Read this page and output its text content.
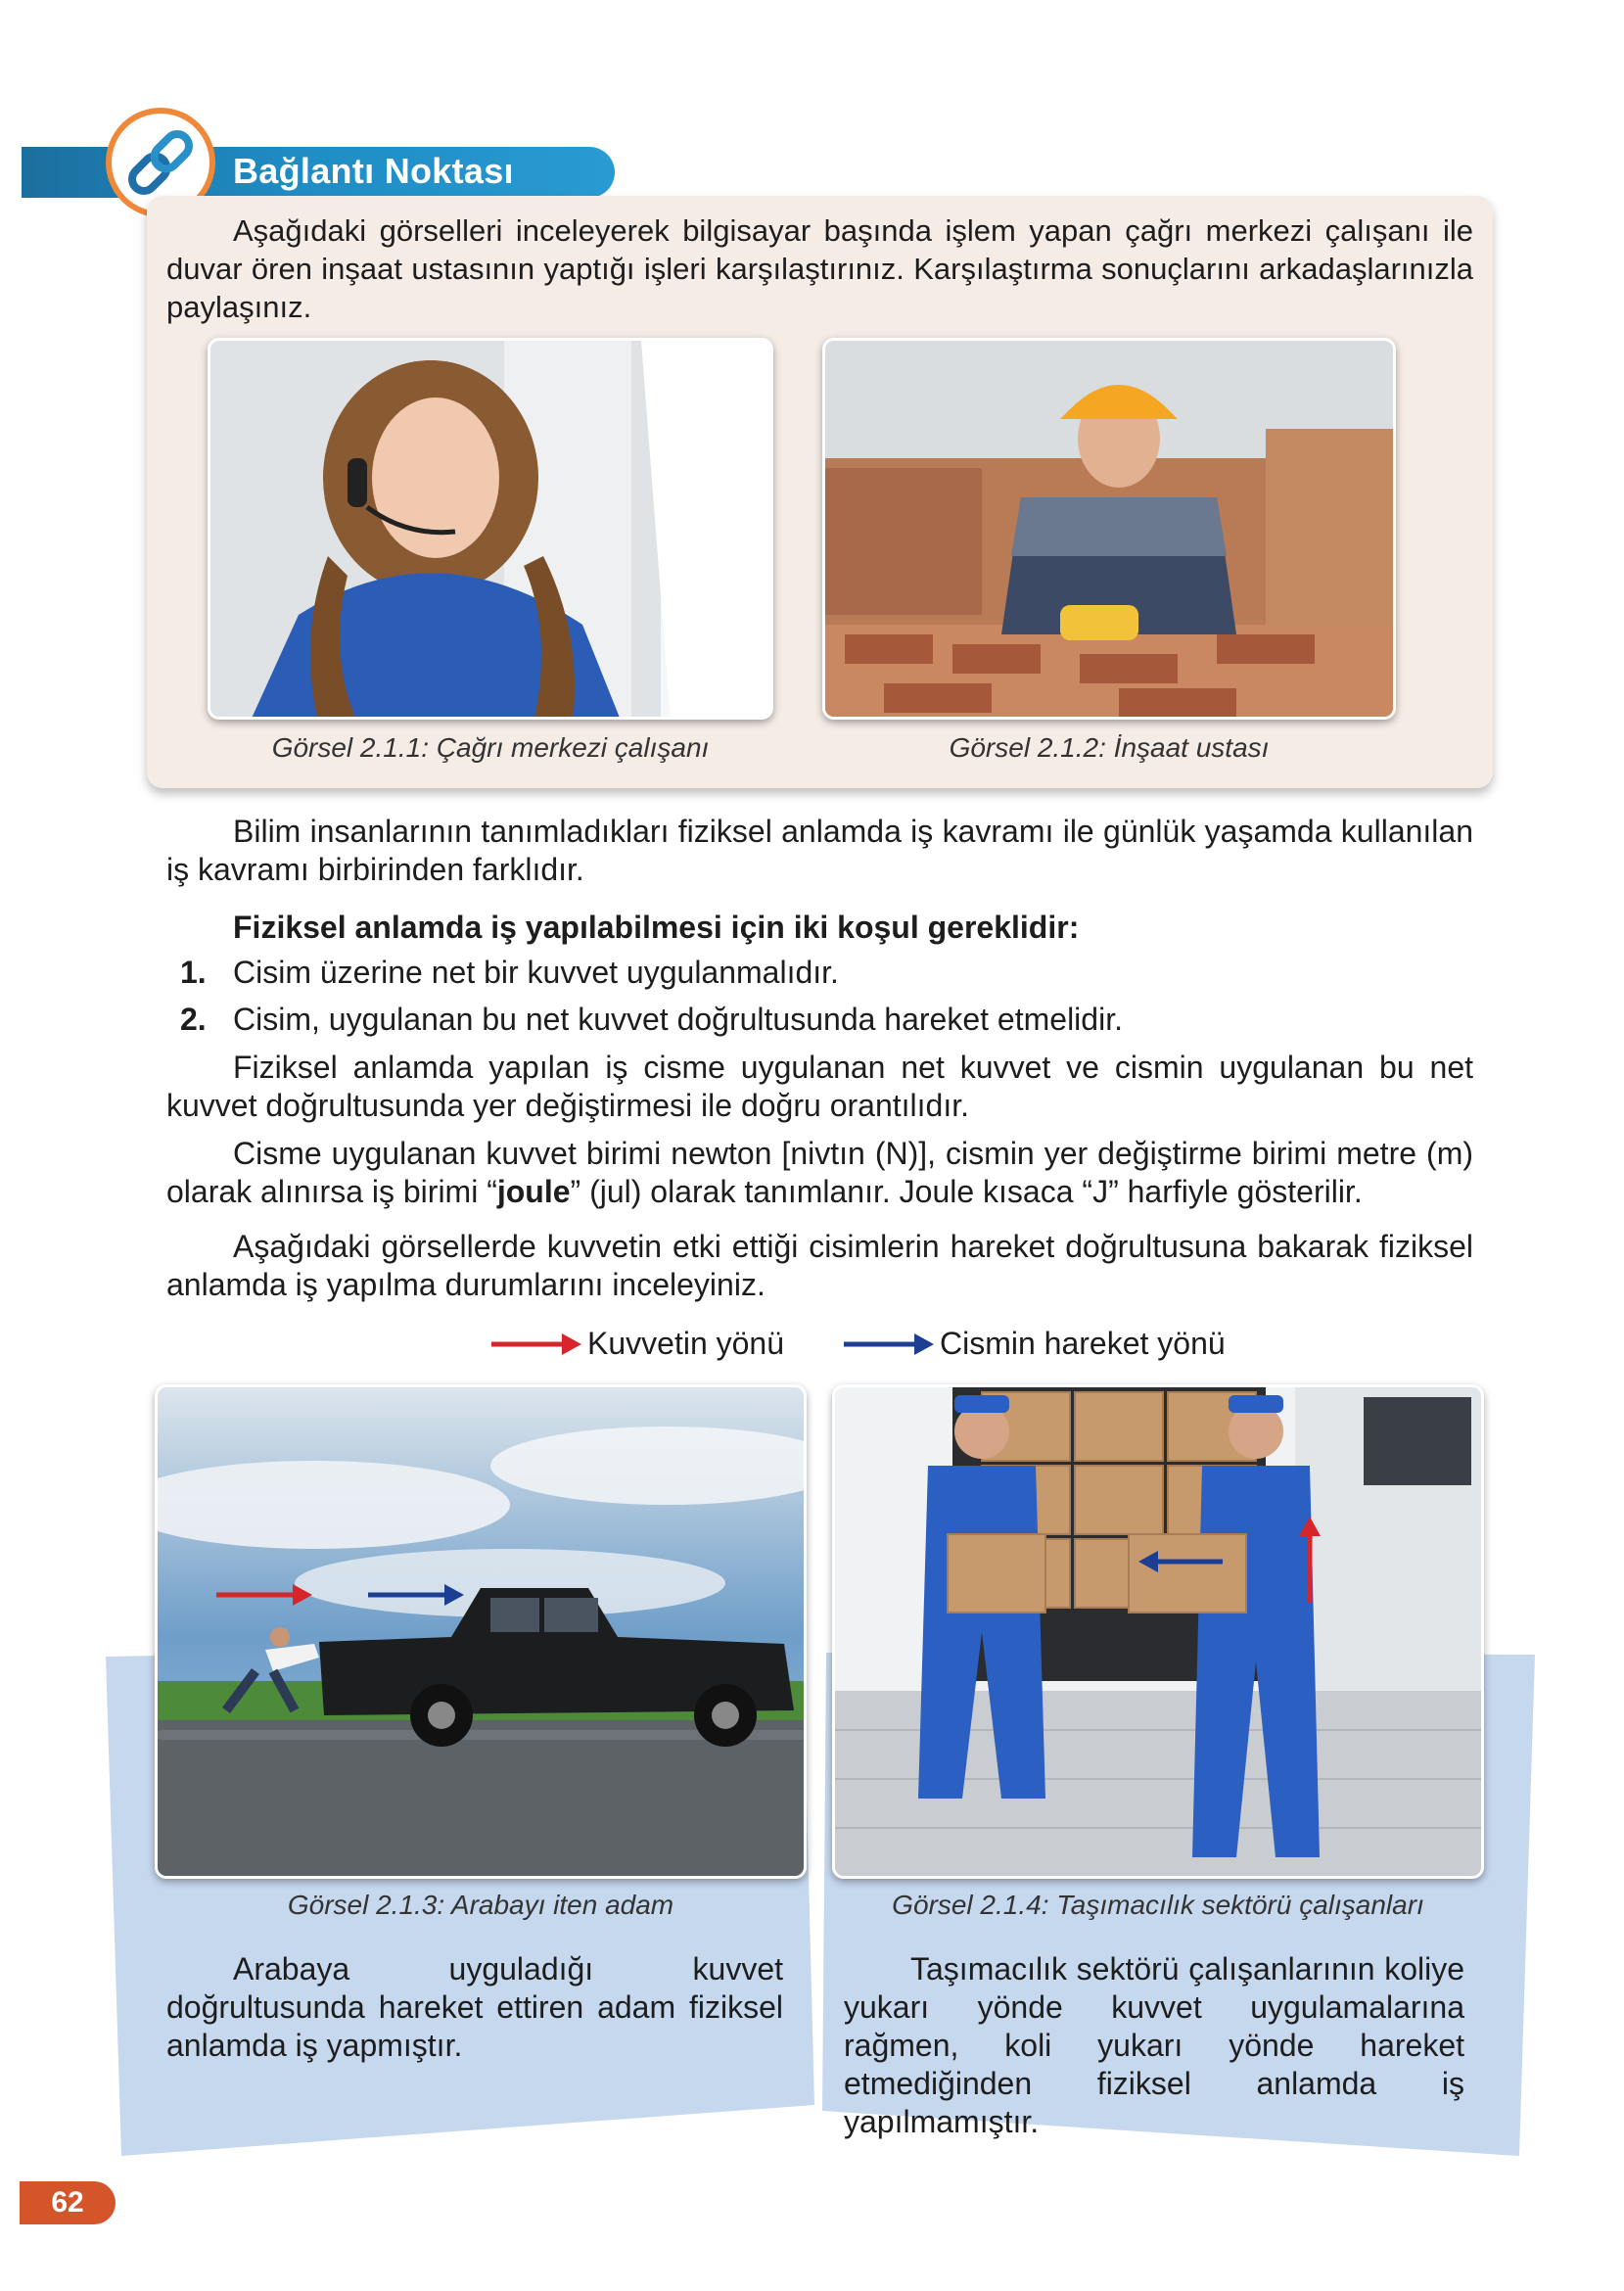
Bağlantı Noktası
Aşağıdaki görselleri inceleyerek bilgisayar başında işlem yapan çağrı merkezi çalışanı ile duvar ören inşaat ustasının yaptığı işleri karşılaştırınız. Karşılaştırma sonuçlarını arkadaşlarınızla paylaşınız.
Görsel 2.1.1: Çağrı merkezi çalışanı	Görsel 2.1.2: İnşaat ustası
Bilim insanlarının tanımladıkları fiziksel anlamda iş kavramı ile günlük yaşamda kullanılan iş kavramı birbirinden farklıdır.
Fiziksel anlamda iş yapılabilmesi için iki koşul gereklidir:
1. Cisim üzerine net bir kuvvet uygulanmalıdır.
2. Cisim, uygulanan bu net kuvvet doğrultusunda hareket etmelidir.
Fiziksel anlamda yapılan iş cisme uygulanan net kuvvet ve cismin uygulanan bu net kuvvet doğrultusunda yer değiştirmesi ile doğru orantılıdır.
Cisme uygulanan kuvvet birimi newton [nivtın (N)], cismin yer değiştirme birimi metre (m) olarak alınırsa iş birimi “joule” (jul) olarak tanımlanır. Joule kısaca “J” harfiyle gösterilir.
Aşağıdaki görsellerde kuvvetin etki ettiği cisimlerin hareket doğrultusuna bakarak fiziksel anlamda iş yapılma durumlarını inceleyiniz.
Kuvvetin yönü	Cismin hareket yönü
Görsel 2.1.3: Arabayı iten adam	Görsel 2.1.4: Taşımacılık sektörü çalışanları
Arabaya uyguladığı kuvvet doğrultusunda hareket ettiren adam fiziksel anlamda iş yapmıştır.
Taşımacılık sektörü çalışanlarının koliye yukarı yönde kuvvet uygulamalarına rağmen, koli yukarı yönde hareket etmediğinden fiziksel anlamda iş yapılmamıştır.
62
